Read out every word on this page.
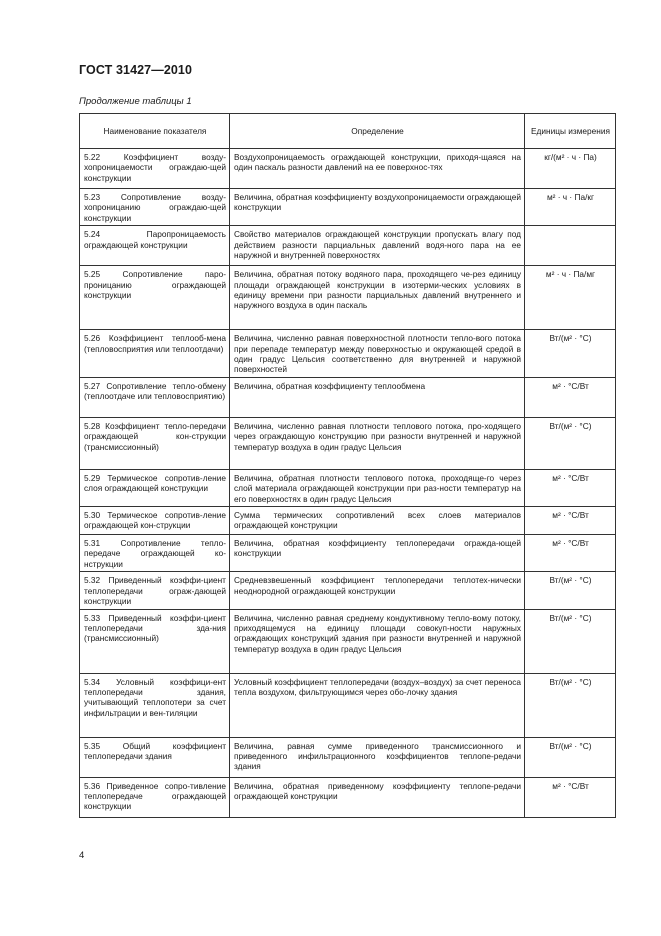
ГОСТ 31427—2010
Продолжение таблицы 1
Наименование показателя	Определение	Единицы измерения
5.22 Коэффициент возду-хопроницаемости ограждаю-щей конструкции	Воздухопроницаемость ограждающей конструкции, приходя-щаяся на один паскаль разности давлений на ее поверхнос-тях	кг/(м² · ч · Па)
5.23 Сопротивление возду-хопроницанию ограждаю-щей конструкции	Величина, обратная коэффициенту воздухопроницаемости ограждающей конструкции	м² · ч · Па/кг
5.24 Паропроницаемость ограждающей конструкции	Свойство материалов ограждающей конструкции пропускать влагу под действием разности парциальных давлений водя-ного пара на ее наружной и внутренней поверхностях	
5.25 Сопротивление паро-проницанию ограждающей конструкции	Величина, обратная потоку водяного пара, проходящего че-рез единицу площади ограждающей конструкции в изотерми-ческих условиях в единицу времени при разности парциальных давлений внутреннего и наружного воздуха в один паскаль	м² · ч · Па/мг
5.26 Коэффициент теплооб-мена (тепловосприятия или теплоотдачи)	Величина, численно равная поверхностной плотности тепло-вого потока при перепаде температур между поверхностью и окружающей средой в один градус Цельсия соответственно для внутренней и наружной поверхностей	Вт/(м² · °С)
5.27 Сопротивление тепло-обмену (теплоотдаче или тепловосприятию)	Величина, обратная коэффициенту теплообмена	м² · °С/Вт
5.28 Коэффициент тепло-передачи ограждающей кон-струкции (трансмиссионный)	Величина, численно равная плотности теплового потока, про-ходящего через ограждающую конструкцию при разности внутренней и наружной температур воздуха в один градус Цельсия	Вт/(м² · °С)
5.29 Термическое сопротив-ление слоя ограждающей конструкции	Величина, обратная плотности теплового потока, проходяще-го через слой материала ограждающей конструкции при раз-ности температур на его поверхностях в один градус Цельсия	м² · °С/Вт
5.30 Термическое сопротив-ление ограждающей кон-струкции	Сумма термических сопротивлений всех слоев материалов ограждающей конструкции	м² · °С/Вт
5.31 Сопротивление тепло-передаче ограждающей ко-нструкции	Величина, обратная коэффициенту теплопередачи огражда-ющей конструкции	м² · °С/Вт
5.32 Приведенный коэффи-циент теплопередачи ограж-дающей конструкции	Средневзвешенный коэффициент теплопередачи теплотех-нически неоднородной ограждающей конструкции	Вт/(м² · °С)
5.33 Приведенный коэффи-циент теплопередачи зда-ния (трансмиссионный)	Величина, численно равная среднему кондуктивному тепло-вому потоку, приходящемуся на единицу площади совокуп-ности наружных ограждающих конструкций здания при разности внутренней и наружной температур воздуха в один градус Цельсия	Вт/(м² · °С)
5.34 Условный коэффици-ент теплопередачи здания, учитывающий теплопотери за счет инфильтрации и вен-тиляции	Условный коэффициент теплопередачи (воздух–воздух) за счет переноса тепла воздухом, фильтрующимся через обо-лочку здания	Вт/(м² · °С)
5.35 Общий коэффициент теплопередачи здания	Величина, равная сумме приведенного трансмиссионного и приведенного инфильтрационного коэффициентов теплопе-редачи здания	Вт/(м² · °С)
5.36 Приведенное сопро-тивление теплопередаче ограждающей конструкции	Величина, обратная приведенному коэффициенту теплопе-редачи ограждающей конструкции	м² · °С/Вт
4
